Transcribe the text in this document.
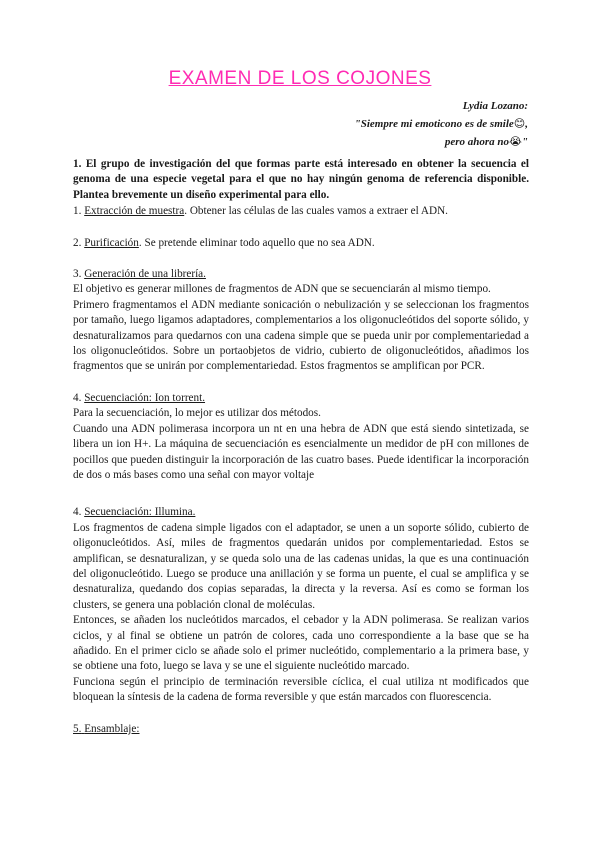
EXAMEN DE LOS COJONES
Lydia Lozano:
"Siempre mi emoticono es de smile😊,
pero ahora no😭"

1. El grupo de investigación del que formas parte está interesado en obtener la secuencia el genoma de una especie vegetal para el que no hay ningún genoma de referencia disponible. Plantea brevemente un diseño experimental para ello.

1. Extracción de muestra. Obtener las células de las cuales vamos a extraer el ADN.

2. Purificación. Se pretende eliminar todo aquello que no sea ADN.

3. Generación de una librería.

El objetivo es generar millones de fragmentos de ADN que se secuenciarán al mismo tiempo.

Primero fragmentamos el ADN mediante sonicación o nebulización y se seleccionan los fragmentos por tamaño, luego ligamos adaptadores, complementarios a los oligonucleótidos del soporte sólido, y desnaturalizamos para quedarnos con una cadena simple que se pueda unir por complementariedad a los oligonucleótidos. Sobre un portaobjetos de vidrio, cubierto de oligonucleótidos, añadimos los fragmentos que se unirán por complementariedad. Estos fragmentos se amplifican por PCR.

4. Secuenciación: Ion torrent.

Para la secuenciación, lo mejor es utilizar dos métodos.

Cuando una ADN polimerasa incorpora un nt en una hebra de ADN que está siendo sintetizada, se libera un ion H+. La máquina de secuenciación es esencialmente un medidor de pH con millones de pocillos que pueden distinguir la incorporación de las cuatro bases. Puede identificar la incorporación de dos o más bases como una señal con mayor voltaje

4. Secuenciación: Illumina.

Los fragmentos de cadena simple ligados con el adaptador, se unen a un soporte sólido, cubierto de oligonucleótidos. Así, miles de fragmentos quedarán unidos por complementariedad. Estos se amplifican, se desnaturalizan, y se queda solo una de las cadenas unidas, la que es una continuación del oligonucleótido. Luego se produce una anillación y se forma un puente, el cual se amplifica y se desnaturaliza, quedando dos copias separadas, la directa y la reversa. Así es como se forman los clusters, se genera una población clonal de moléculas.

Entonces, se añaden los nucleótidos marcados, el cebador y la ADN polimerasa. Se realizan varios ciclos, y al final se obtiene un patrón de colores, cada uno correspondiente a la base que se ha añadido. En el primer ciclo se añade solo el primer nucleótido, complementario a la primera base, y se obtiene una foto, luego se lava y se une el siguiente nucleótido marcado.

Funciona según el principio de terminación reversible cíclica, el cual utiliza nt modificados que bloquean la síntesis de la cadena de forma reversible y que están marcados con fluorescencia.

5. Ensamblaje:
